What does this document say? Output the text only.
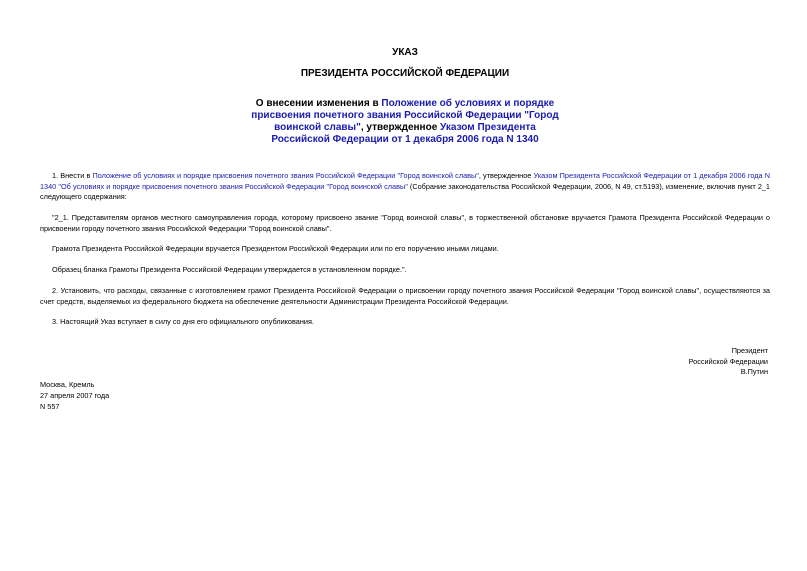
УКАЗ
ПРЕЗИДЕНТА РОССИЙСКОЙ ФЕДЕРАЦИИ
О внесении изменения в Положение об условиях и порядке присвоения почетного звания Российской Федерации "Город воинской славы", утвержденное Указом Президента Российской Федерации от 1 декабря 2006 года N 1340

1. Внести в Положение об условиях и порядке присвоения почетного звания Российской Федерации "Город воинской славы", утвержденное Указом Президента Российской Федерации от 1 декабря 2006 года N 1340 "Об условиях и порядке присвоения почетного звания Российской Федерации "Город воинской славы" (Собрание законодательства Российской Федерации, 2006, N 49, ст.5193), изменение, включив пункт 2_1 следующего содержания:

"2_1. Представителям органов местного самоуправления города, которому присвоено звание "Город воинской славы", в торжественной обстановке вручается Грамота Президента Российской Федерации о присвоении городу почетного звания Российской Федерации "Город воинской славы".

Грамота Президента Российской Федерации вручается Президентом Российской Федерации или по его поручению иными лицами.

Образец бланка Грамоты Президента Российской Федерации утверждается в установленном порядке.".

2. Установить, что расходы, связанные с изготовлением грамот Президента Российской Федерации о присвоении городу почетного звания Российской Федерации "Город воинской славы", осуществляются за счет средств, выделяемых из федерального бюджета на обеспечение деятельности Администрации Президента Российской Федерации.

3. Настоящий Указ вступает в силу со дня его официального опубликования.

Президент
Российской Федерации
В.Путин
Москва, Кремль
27 апреля 2007 года
N 557
